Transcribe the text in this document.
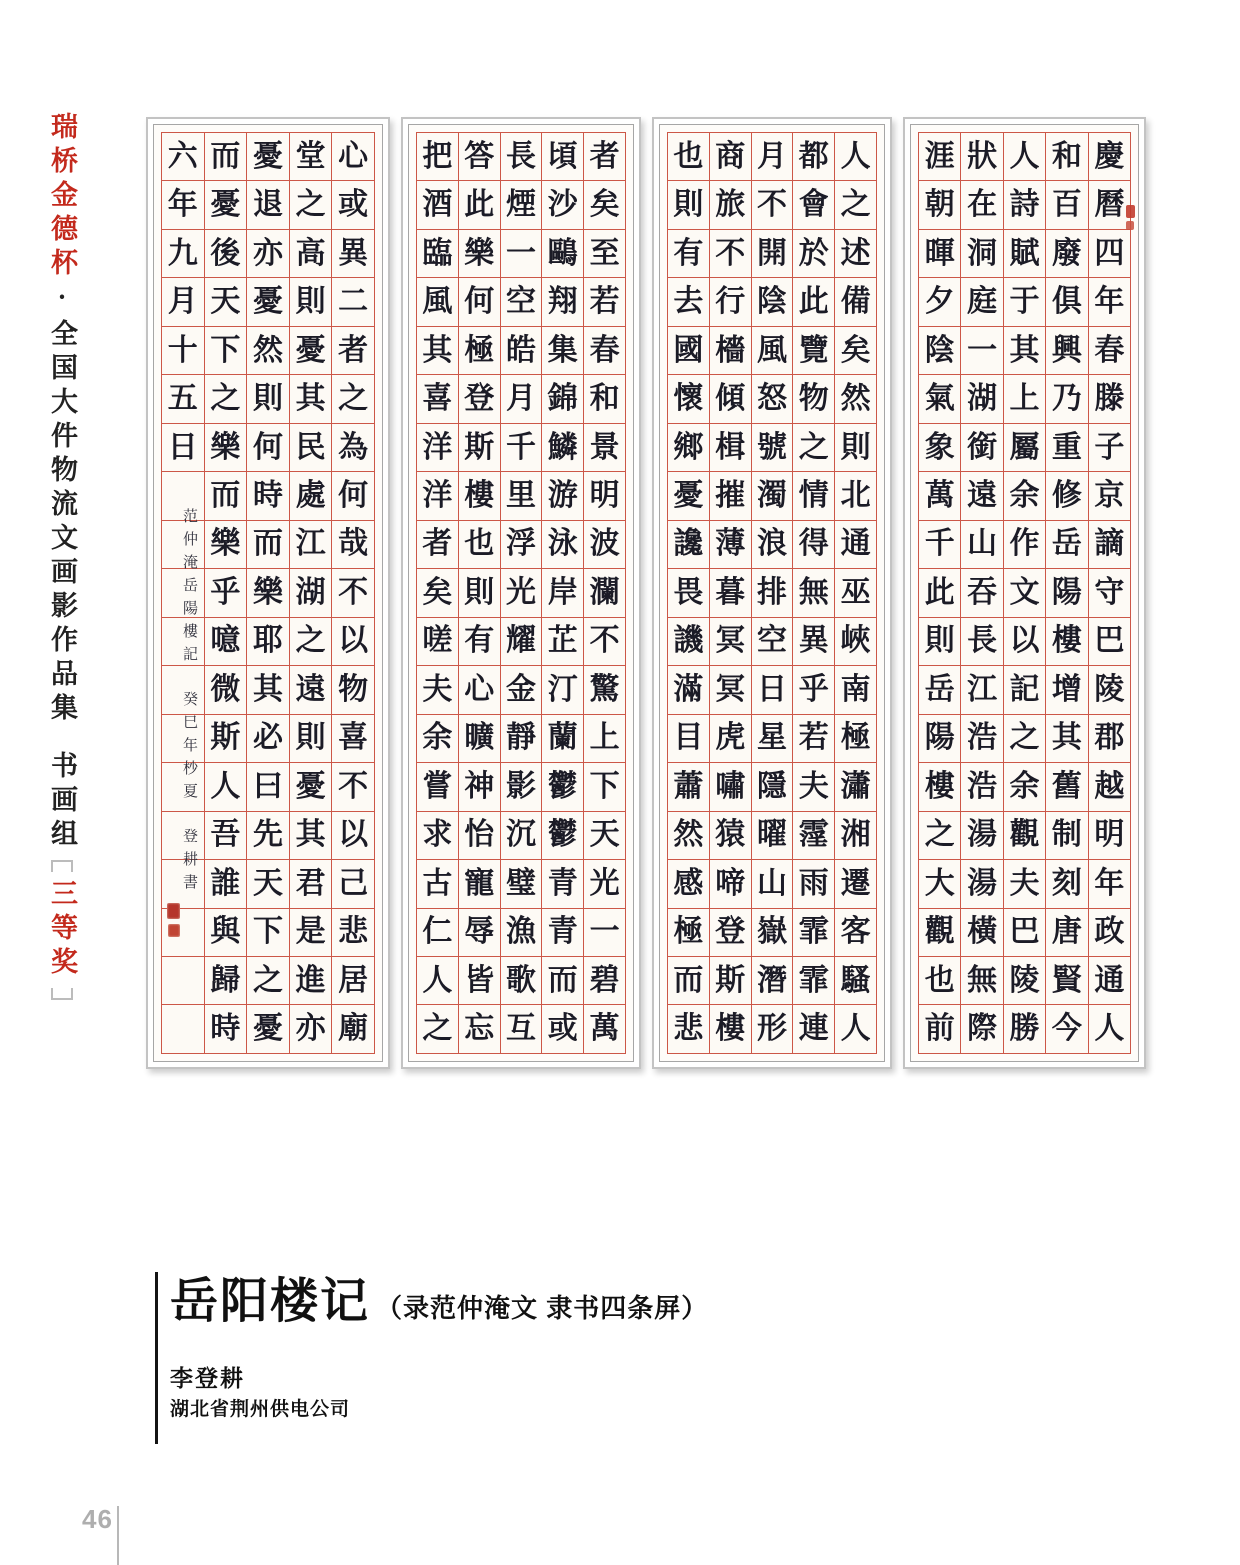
瑞桥金德杯·全国大件物流文画影作品集书画组三等奖
六
年
九
月
十
五
日
而
憂
後
天
下
之
樂
而
樂
乎
噫
微
斯
人
吾
誰
與
歸
時
憂
退
亦
憂
然
則
何
時
而
樂
耶
其
必
曰
先
天
下
之
憂
堂
之
高
則
憂
其
民
處
江
湖
之
遠
則
憂
其
君
是
進
亦
心
或
異
二
者
之
為
何
哉
不
以
物
喜
不
以
己
悲
居
廟
范仲淹岳陽樓記癸巳年杪夏登耕書
把
酒
臨
風
其
喜
洋
洋
者
矣
嗟
夫
余
嘗
求
古
仁
人
之
答
此
樂
何
極
登
斯
樓
也
則
有
心
曠
神
怡
寵
辱
皆
忘
長
煙
一
空
皓
月
千
里
浮
光
耀
金
靜
影
沉
璧
漁
歌
互
頃
沙
鷗
翔
集
錦
鱗
游
泳
岸
芷
汀
蘭
鬱
鬱
青
青
而
或
者
矣
至
若
春
和
景
明
波
瀾
不
驚
上
下
天
光
一
碧
萬
也
則
有
去
國
懷
鄉
憂
讒
畏
譏
滿
目
蕭
然
感
極
而
悲
商
旅
不
行
檣
傾
楫
摧
薄
暮
冥
冥
虎
嘯
猿
啼
登
斯
樓
月
不
開
陰
風
怒
號
濁
浪
排
空
日
星
隱
曜
山
嶽
潛
形
都
會
於
此
覽
物
之
情
得
無
異
乎
若
夫
霪
雨
霏
霏
連
人
之
述
備
矣
然
則
北
通
巫
峽
南
極
瀟
湘
遷
客
騷
人
涯
朝
暉
夕
陰
氣
象
萬
千
此
則
岳
陽
樓
之
大
觀
也
前
狀
在
洞
庭
一
湖
銜
遠
山
吞
長
江
浩
浩
湯
湯
橫
無
際
人
詩
賦
于
其
上
屬
余
作
文
以
記
之
余
觀
夫
巴
陵
勝
和
百
廢
俱
興
乃
重
修
岳
陽
樓
增
其
舊
制
刻
唐
賢
今
慶
曆
四
年
春
滕
子
京
謫
守
巴
陵
郡
越
明
年
政
通
人
岳阳楼记 （录范仲淹文 隶书四条屏）
李登耕
湖北省荆州供电公司
46
